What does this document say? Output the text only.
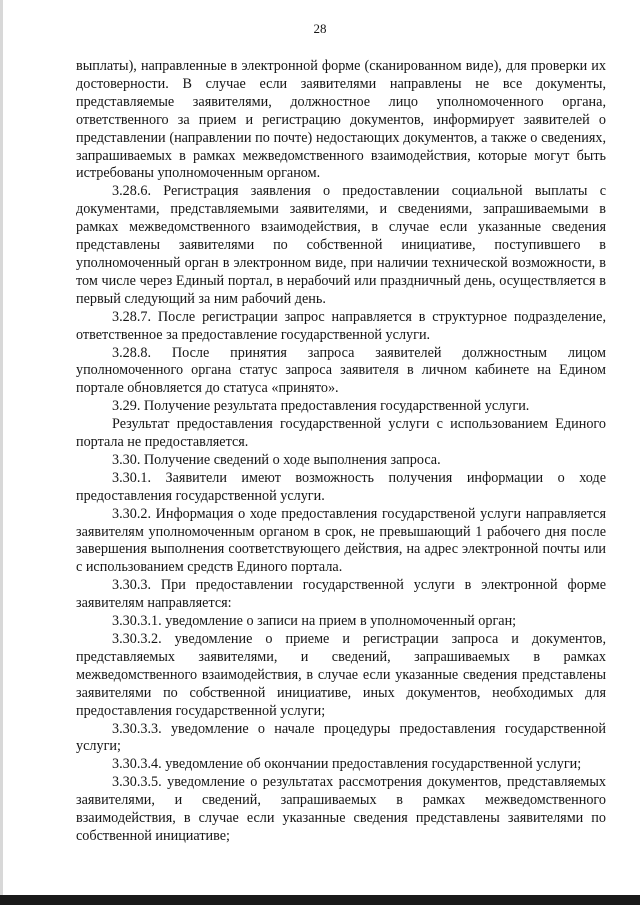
28

выплаты), направленные в электронной форме (сканированном виде), для проверки их достоверности. В случае если заявителями направлены не все документы, представляемые заявителями, должностное лицо уполномоченного органа, ответственного за прием и регистрацию документов, информирует заявителей о представлении (направлении по почте) недостающих документов, а также о сведениях, запрашиваемых в рамках межведомственного взаимодействия, которые могут быть истребованы уполномоченным органом.

3.28.6. Регистрация заявления о предоставлении социальной выплаты с документами, представляемыми заявителями, и сведениями, запрашиваемыми в рамках межведомственного взаимодействия, в случае если указанные сведения представлены заявителями по собственной инициативе, поступившего в уполномоченный орган в электронном виде, при наличии технической возможности, в том числе через Единый портал, в нерабочий или праздничный день, осуществляется в первый следующий за ним рабочий день.

3.28.7. После регистрации запрос направляется в структурное подразделение, ответственное за предоставление государственной услуги.

3.28.8. После принятия запроса заявителей должностным лицом уполномоченного органа статус запроса заявителя в личном кабинете на Едином портале обновляется до статуса «принято».

3.29. Получение результата предоставления государственной услуги.

Результат предоставления государственной услуги с использованием Единого портала не предоставляется.

3.30. Получение сведений о ходе выполнения запроса.

3.30.1. Заявители имеют возможность получения информации о ходе предоставления государственной услуги.

3.30.2. Информация о ходе предоставления государственой услуги направляется заявителям уполномоченным органом в срок, не превышающий 1 рабочего дня после завершения выполнения соответствующего действия, на адрес электронной почты или с использованием средств Единого портала.

3.30.3. При предоставлении государственной услуги в электронной форме заявителям направляется:

3.30.3.1. уведомление о записи на прием в уполномоченный орган;

3.30.3.2. уведомление о приеме и регистрации запроса и документов, представляемых заявителями, и сведений, запрашиваемых в рамках межведомственного взаимодействия, в случае если указанные сведения представлены заявителями по собственной инициативе, иных документов, необходимых для предоставления государственной услуги;

3.30.3.3. уведомление о начале процедуры предоставления государственной услуги;

3.30.3.4. уведомление об окончании предоставления государственной услуги;

3.30.3.5. уведомление о результатах рассмотрения документов, представляемых заявителями, и сведений, запрашиваемых в рамках межведомственного взаимодействия, в случае если указанные сведения представлены заявителями по собственной инициативе;
